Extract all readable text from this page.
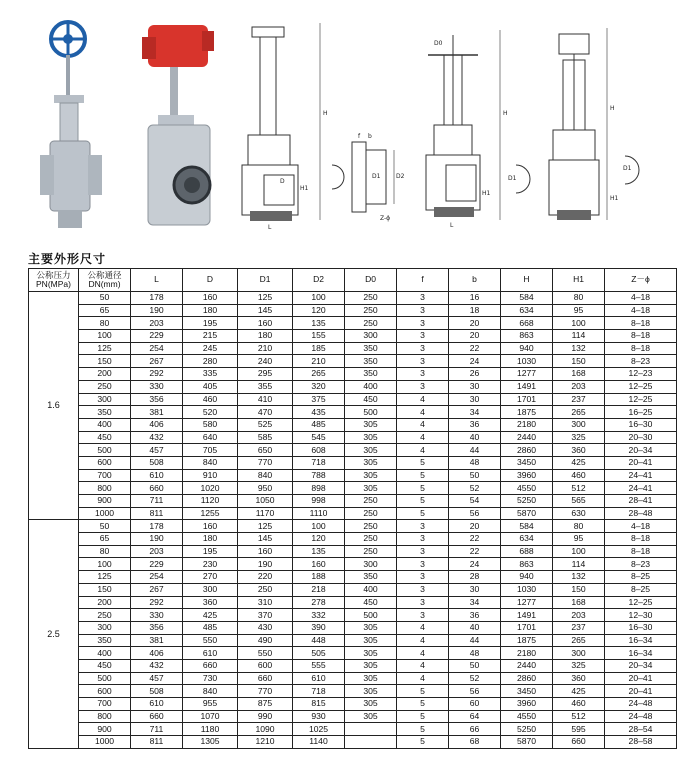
H
H1
D
L
f b
D1	D2
Z-ϕ
D0
H
H1
D1
L
H
H1
D1
主要外形尺寸
公称压力
PN(MPa)	公称通径
DN(mm)	L	D	D1	D2	D0	f	b	H	H1	Z－ϕ
1.6	50	178	160	125	100	250	3	16	584	80	4–18
	65	190	180	145	120	250	3	18	634	95	4–18
	80	203	195	160	135	250	3	20	668	100	8–18
	100	229	215	180	155	300	3	20	863	114	8–18
	125	254	245	210	185	350	3	22	940	132	8–18
	150	267	280	240	210	350	3	24	1030	150	8–23
	200	292	335	295	265	350	3	26	1277	168	12–23
	250	330	405	355	320	400	3	30	1491	203	12–25
	300	356	460	410	375	450	4	30	1701	237	12–25
	350	381	520	470	435	500	4	34	1875	265	16–25
	400	406	580	525	485	305	4	36	2180	300	16–30
	450	432	640	585	545	305	4	40	2440	325	20–30
	500	457	705	650	608	305	4	44	2860	360	20–34
	600	508	840	770	718	305	5	48	3450	425	20–41
	700	610	910	840	788	305	5	50	3960	460	24–41
	800	660	1020	950	898	305	5	52	4550	512	24–41
	900	711	1120	1050	998	250	5	54	5250	565	28–41
	1000	811	1255	1170	1110	250	5	56	5870	630	28–48
2.5	50	178	160	125	100	250	3	20	584	80	4–18
	65	190	180	145	120	250	3	22	634	95	8–18
	80	203	195	160	135	250	3	22	688	100	8–18
	100	229	230	190	160	300	3	24	863	114	8–23
	125	254	270	220	188	350	3	28	940	132	8–25
	150	267	300	250	218	400	3	30	1030	150	8–25
	200	292	360	310	278	450	3	34	1277	168	12–25
	250	330	425	370	332	500	3	36	1491	203	12–30
	300	356	485	430	390	305	4	40	1701	237	16–30
	350	381	550	490	448	305	4	44	1875	265	16–34
	400	406	610	550	505	305	4	48	2180	300	16–34
	450	432	660	600	555	305	4	50	2440	325	20–34
	500	457	730	660	610	305	4	52	2860	360	20–41
	600	508	840	770	718	305	5	56	3450	425	20–41
	700	610	955	875	815	305	5	60	3960	460	24–48
	800	660	1070	990	930	305	5	64	4550	512	24–48
	900	711	1180	1090	1025		5	66	5250	595	28–54
	1000	811	1305	1210	1140		5	68	5870	660	28–58
